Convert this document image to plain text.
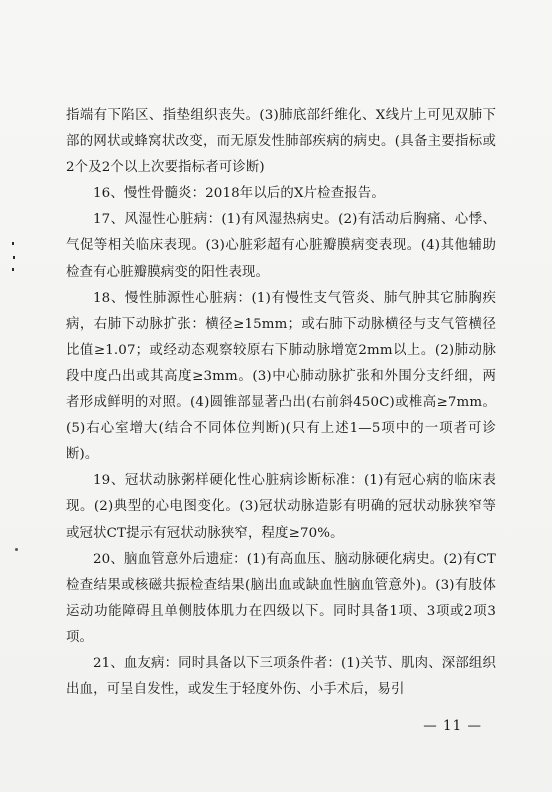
指端有下陷区、指垫组织丧失。(3)肺底部纤维化、X线片上可见双肺下部的网状或蜂窝状改变，而无原发性肺部疾病的病史。(具备主要指标或2个及2个以上次要指标者可诊断)

16、慢性骨髓炎：2018年以后的X片检查报告。

17、风湿性心脏病：(1)有风湿热病史。(2)有活动后胸痛、心悸、气促等相关临床表现。(3)心脏彩超有心脏瓣膜病变表现。(4)其他辅助检查有心脏瓣膜病变的阳性表现。

18、慢性肺源性心脏病：(1)有慢性支气管炎、肺气肿其它肺胸疾病，右肺下动脉扩张：横径≥15mm；或右肺下动脉横径与支气管横径比值≥1.07；或经动态观察较原右下肺动脉增宽2mm以上。(2)肺动脉段中度凸出或其高度≥3mm。(3)中心肺动脉扩张和外围分支纤细，两者形成鲜明的对照。(4)圆锥部显著凸出(右前斜450C)或椎高≥7mm。(5)右心室增大(结合不同体位判断)(只有上述1—5项中的一项者可诊断)。

19、冠状动脉粥样硬化性心脏病诊断标准：(1)有冠心病的临床表现。(2)典型的心电图变化。(3)冠状动脉造影有明确的冠状动脉狭窄等或冠状CT提示有冠状动脉狭窄，程度≥70%。

20、脑血管意外后遗症：(1)有高血压、脑动脉硬化病史。(2)有CT检查结果或核磁共振检查结果(脑出血或缺血性脑血管意外)。(3)有肢体运动功能障碍且单侧肢体肌力在四级以下。同时具备1项、3项或2项3项。

21、血友病：同时具备以下三项条件者：(1)关节、肌肉、深部组织出血，可呈自发性，或发生于轻度外伤、小手术后，易引

— 11 —
